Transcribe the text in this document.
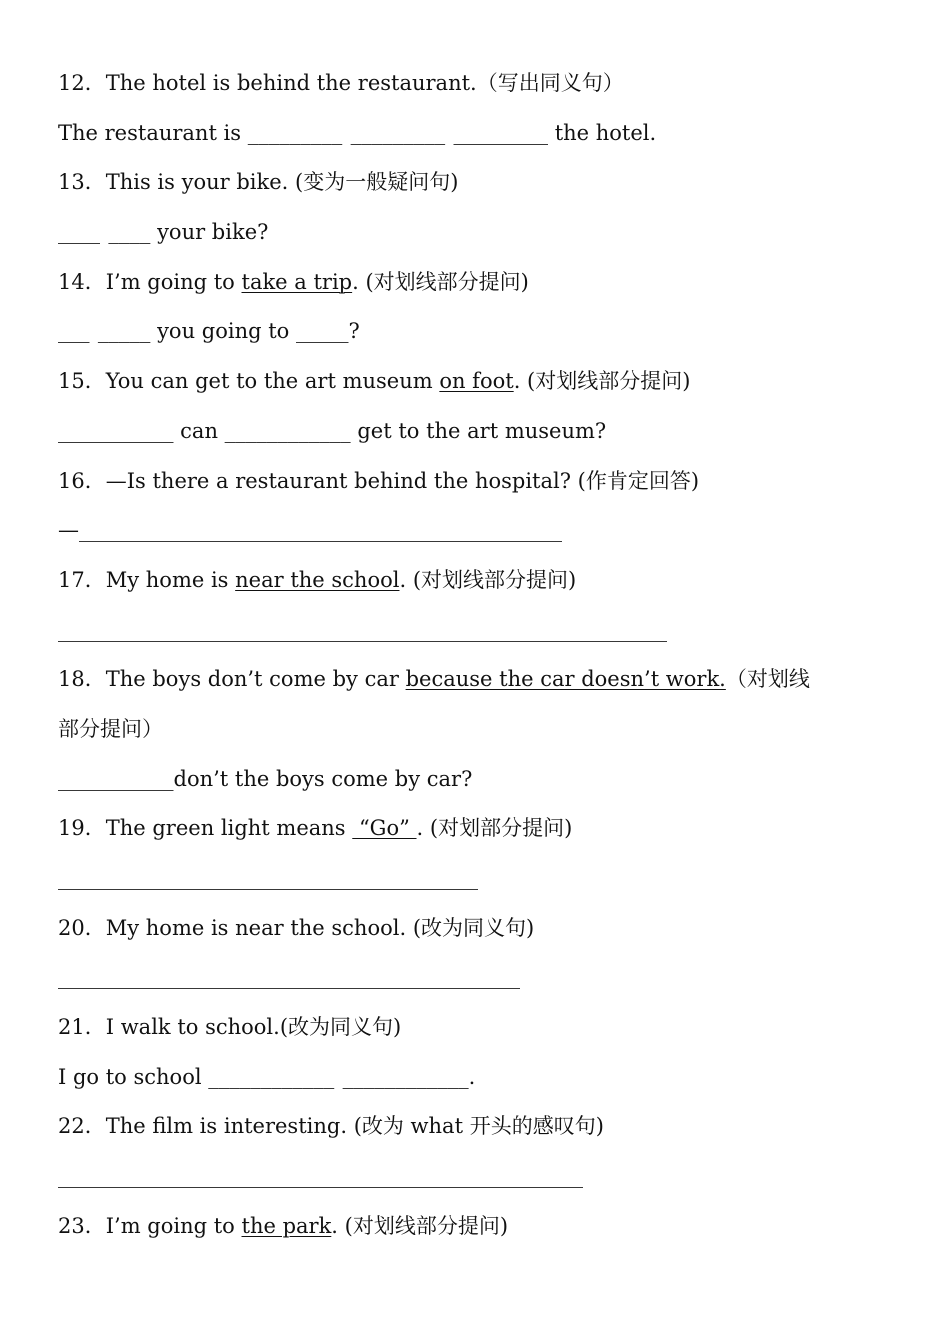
12．The hotel is behind the restaurant.（写出同义句）
The restaurant is _________ _________ _________ the hotel.
13．This is your bike. (变为一般疑问句)
____ ____ your bike?
14．I’m going to take a trip. (对划线部分提问)
___ _____ you going to _____?
15．You can get to the art museum on foot. (对划线部分提问)
___________ can ____________ get to the art museum?
16．—Is there a restaurant behind the hospital? (作肯定回答)
—______________________________________________
17．My home is near the school. (对划线部分提问)
__________________________________________________________
18．The boys don’t come by car because the car doesn’t work.（对划线
部分提问）
___________don’t the boys come by car?
19．The green light means  “Go” . (对划部分提问)
________________________________________
20．My home is near the school. (改为同义句)
____________________________________________
21．I walk to school.(改为同义句)
I go to school ____________ ____________.
22．The film is interesting. (改为 what 开头的感叹句)
__________________________________________________
23．I’m going to the park. (对划线部分提问)
